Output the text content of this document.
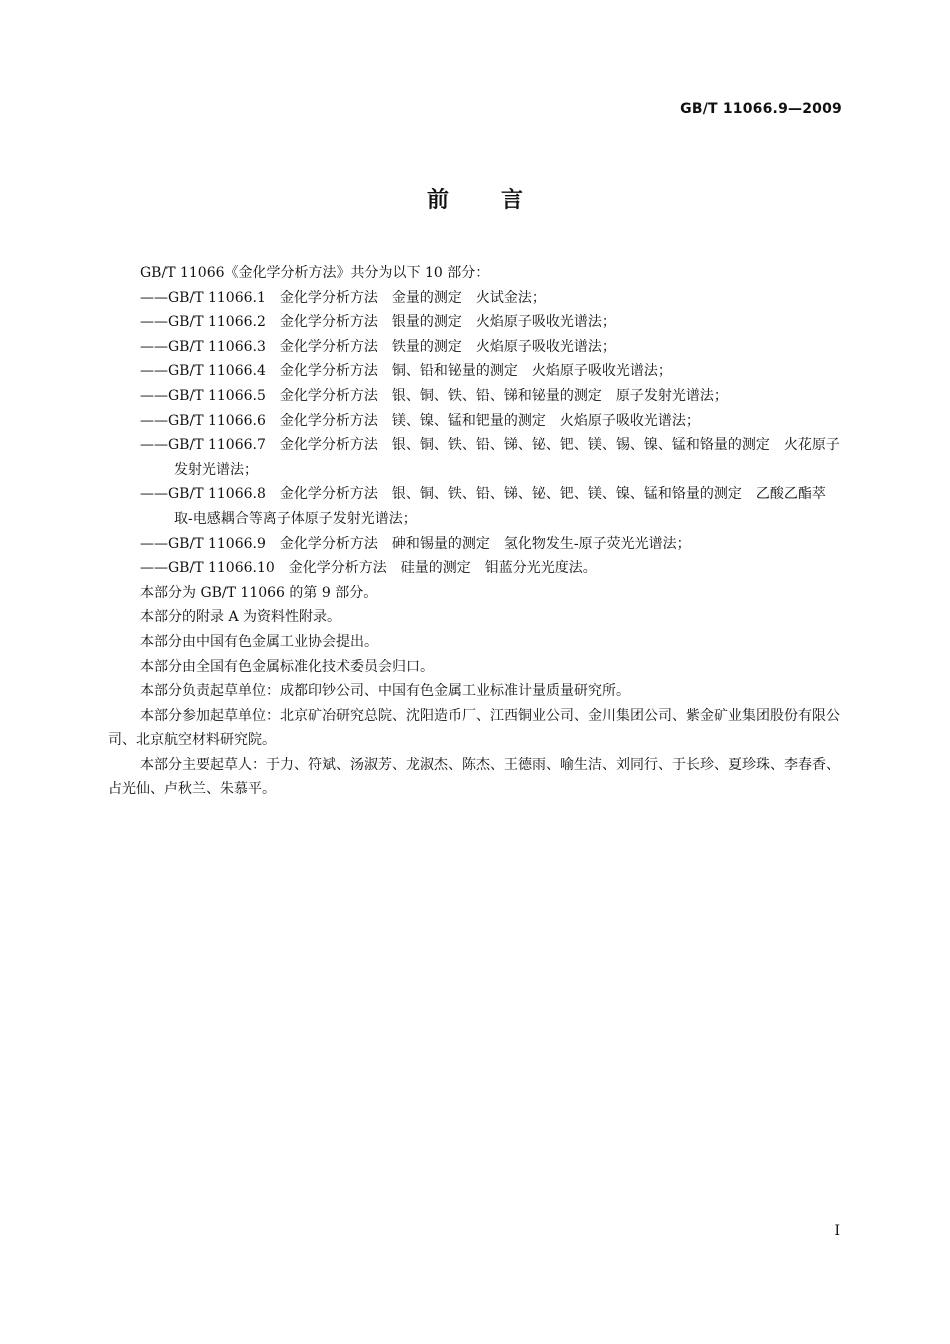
GB/T 11066.9—2009
前言

GB/T 11066《金化学分析方法》共分为以下 10 部分：

——GB/T 11066.1　金化学分析方法　金量的测定　火试金法；

——GB/T 11066.2　金化学分析方法　银量的测定　火焰原子吸收光谱法；

——GB/T 11066.3　金化学分析方法　铁量的测定　火焰原子吸收光谱法；

——GB/T 11066.4　金化学分析方法　铜、铅和铋量的测定　火焰原子吸收光谱法；

——GB/T 11066.5　金化学分析方法　银、铜、铁、铅、锑和铋量的测定　原子发射光谱法；

——GB/T 11066.6　金化学分析方法　镁、镍、锰和钯量的测定　火焰原子吸收光谱法；

——GB/T 11066.7　金化学分析方法　银、铜、铁、铅、锑、铋、钯、镁、锡、镍、锰和铬量的测定　火花原子发射光谱法；

——GB/T 11066.8　金化学分析方法　银、铜、铁、铅、锑、铋、钯、镁、镍、锰和铬量的测定　乙酸乙酯萃取-电感耦合等离子体原子发射光谱法；

——GB/T 11066.9　金化学分析方法　砷和锡量的测定　氢化物发生-原子荧光光谱法；

——GB/T 11066.10　金化学分析方法　硅量的测定　钼蓝分光光度法。

本部分为 GB/T 11066 的第 9 部分。

本部分的附录 A 为资料性附录。

本部分由中国有色金属工业协会提出。

本部分由全国有色金属标准化技术委员会归口。

本部分负责起草单位：成都印钞公司、中国有色金属工业标准计量质量研究所。

本部分参加起草单位：北京矿冶研究总院、沈阳造币厂、江西铜业公司、金川集团公司、紫金矿业集团股份有限公司、北京航空材料研究院。

本部分主要起草人：于力、符斌、汤淑芳、龙淑杰、陈杰、王德雨、喻生洁、刘同行、于长珍、夏珍珠、李春香、占光仙、卢秋兰、朱慕平。

I
